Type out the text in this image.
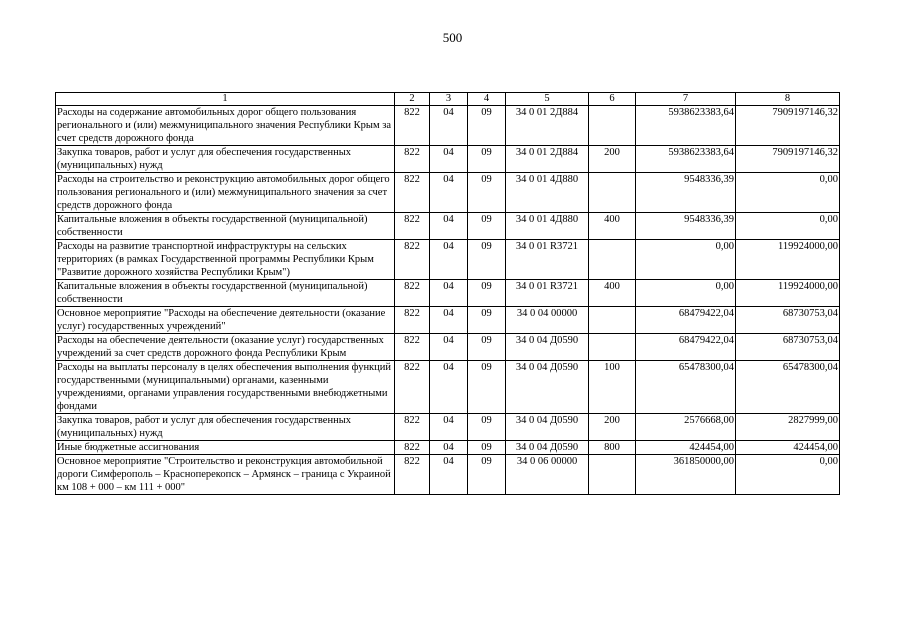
500
1	2	3	4	5	6	7	8
Расходы на содержание автомобильных дорог общего пользования регионального и (или) межмуниципального значения Республики Крым за счет средств дорожного фонда	822	04	09	34 0 01 2Д884		5938623383,64	7909197146,32
Закупка товаров, работ и услуг для обеспечения государственных (муниципальных) нужд	822	04	09	34 0 01 2Д884	200	5938623383,64	7909197146,32
Расходы на строительство и реконструкцию автомобильных дорог общего пользования регионального и (или) межмуниципального значения за счет средств дорожного фонда	822	04	09	34 0 01 4Д880		9548336,39	0,00
Капитальные вложения в объекты государственной (муниципальной) собственности	822	04	09	34 0 01 4Д880	400	9548336,39	0,00
Расходы на развитие транспортной инфраструктуры на сельских территориях (в рамках Государственной программы Республики Крым "Развитие дорожного хозяйства Республики Крым")	822	04	09	34 0 01 R3721		0,00	119924000,00
Капитальные вложения в объекты государственной (муниципальной) собственности	822	04	09	34 0 01 R3721	400	0,00	119924000,00
Основное мероприятие "Расходы на обеспечение деятельности (оказание услуг) государственных учреждений"	822	04	09	34 0 04 00000		68479422,04	68730753,04
Расходы на обеспечение деятельности (оказание услуг) государственных учреждений за счет средств дорожного фонда Республики Крым	822	04	09	34 0 04 Д0590		68479422,04	68730753,04
Расходы на выплаты персоналу в целях обеспечения выполнения функций государственными (муниципальными) органами, казенными учреждениями, органами управления государственными внебюджетными фондами	822	04	09	34 0 04 Д0590	100	65478300,04	65478300,04
Закупка товаров, работ и услуг для обеспечения государственных (муниципальных) нужд	822	04	09	34 0 04 Д0590	200	2576668,00	2827999,00
Иные бюджетные ассигнования	822	04	09	34 0 04 Д0590	800	424454,00	424454,00
Основное мероприятие "Строительство и реконструкция автомобильной дороги Симферополь – Красноперекопск – Армянск – граница с Украиной км 108 + 000 – км 111 + 000"	822	04	09	34 0 06 00000		361850000,00	0,00
